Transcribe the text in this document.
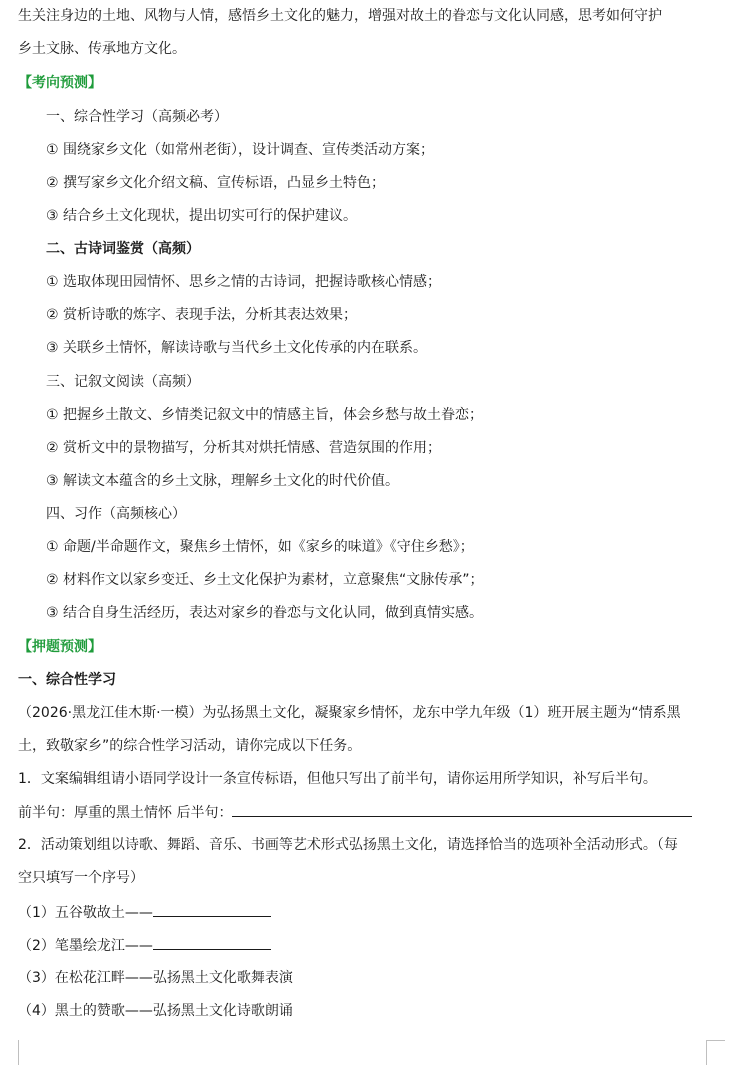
生关注身边的土地、风物与人情，感悟乡土文化的魅力，增强对故土的眷恋与文化认同感，思考如何守护
乡土文脉、传承地方文化。
【考向预测】
一、综合性学习（高频必考）
① 围绕家乡文化（如常州老街），设计调查、宣传类活动方案；
② 撰写家乡文化介绍文稿、宣传标语，凸显乡土特色；
③ 结合乡土文化现状，提出切实可行的保护建议。
二、古诗词鉴赏（高频）
① 选取体现田园情怀、思乡之情的古诗词，把握诗歌核心情感；
② 赏析诗歌的炼字、表现手法，分析其表达效果；
③ 关联乡土情怀，解读诗歌与当代乡土文化传承的内在联系。
三、记叙文阅读（高频）
① 把握乡土散文、乡情类记叙文中的情感主旨，体会乡愁与故土眷恋；
② 赏析文中的景物描写，分析其对烘托情感、营造氛围的作用；
③ 解读文本蕴含的乡土文脉，理解乡土文化的时代价值。
四、习作（高频核心）
① 命题/半命题作文，聚焦乡土情怀，如《家乡的味道》《守住乡愁》；
② 材料作文以家乡变迁、乡土文化保护为素材，立意聚焦“文脉传承”；
③ 结合自身生活经历，表达对家乡的眷恋与文化认同，做到真情实感。
【押题预测】
一、综合性学习
（2026·黑龙江佳木斯·一模）为弘扬黑土文化，凝聚家乡情怀，龙东中学九年级（1）班开展主题为“情系黑
土，致敬家乡”的综合性学习活动，请你完成以下任务。
1．文案编辑组请小语同学设计一条宣传标语，但他只写出了前半句，请你运用所学知识，补写后半句。
前半句：厚重的黑土情怀 后半句：
2．活动策划组以诗歌、舞蹈、音乐、书画等艺术形式弘扬黑土文化，请选择恰当的选项补全活动形式。（每
空只填写一个序号）
（1）五谷敬故土——
（2）笔墨绘龙江——
（3）在松花江畔——弘扬黑土文化歌舞表演
（4）黑土的赞歌——弘扬黑土文化诗歌朗诵
